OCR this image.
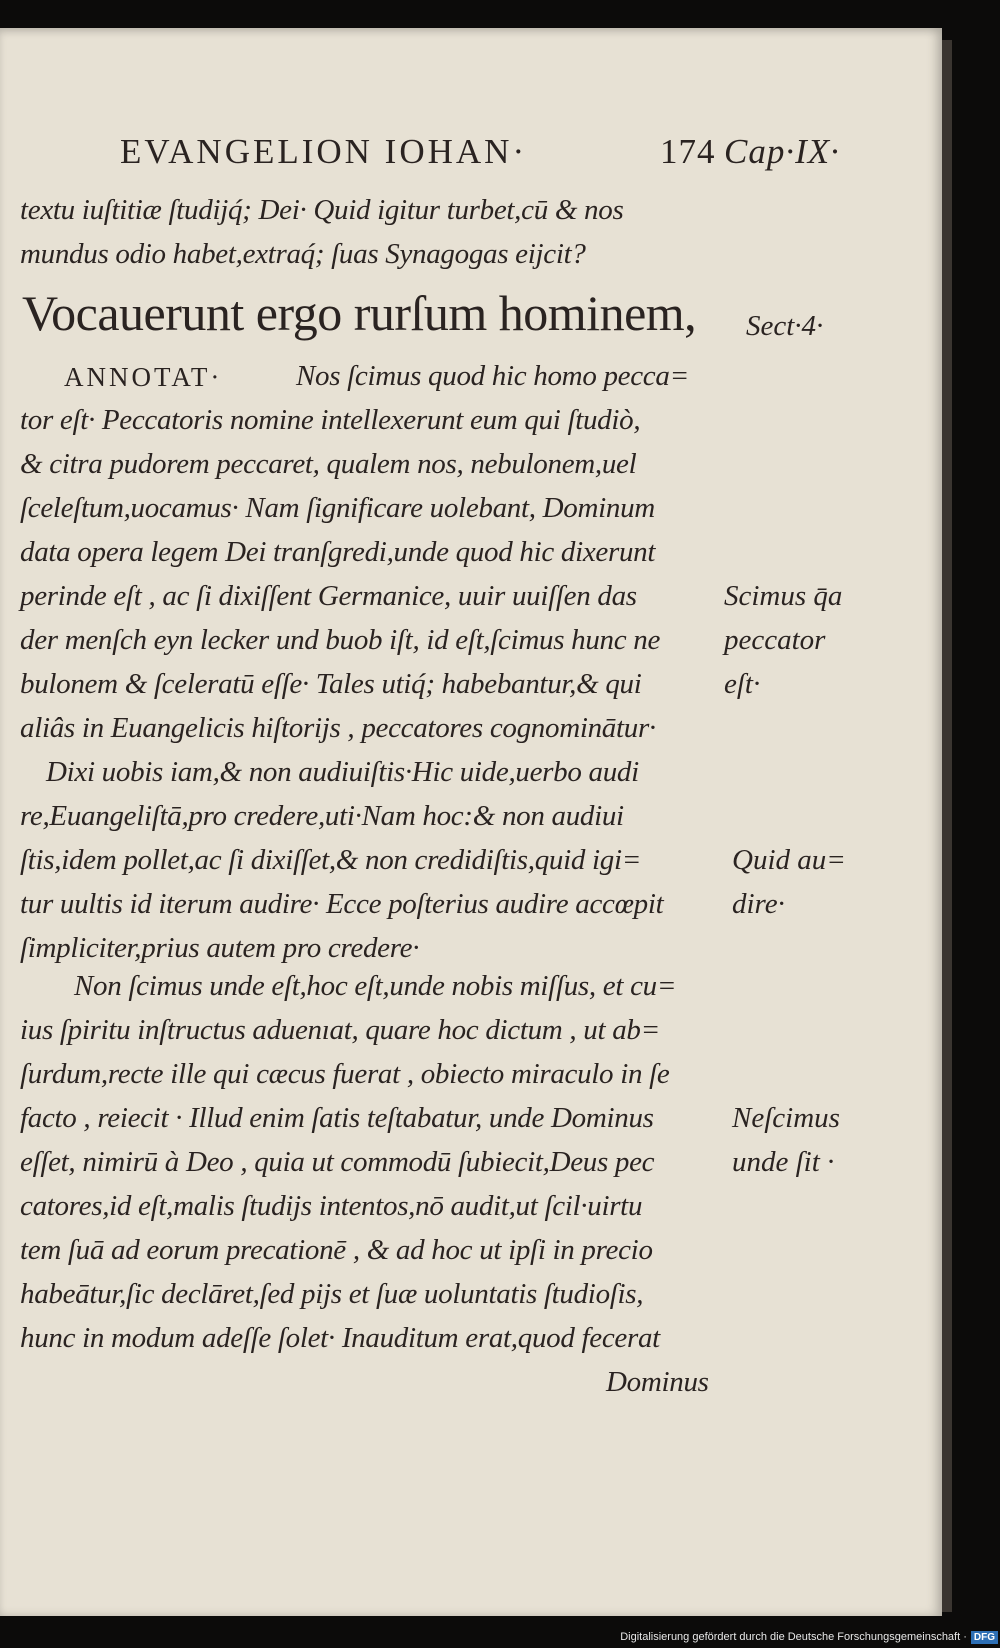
EVANGELION IOHAN·	174 Cap·IX·
textu iuſtitiæ ſtudijq́; Dei· Quid igitur turbet,cū & nos
mundus odio habet,extraq́; ſuas Synagogas eijcit?
Vocauerunt ergo rurſum hominem, Sect·4·
ANNOTAT·	Nos ſcimus quod hic homo pecca=
tor eſt· Peccatoris nomine intellexerunt eum qui ſtudiò,
& citra pudorem peccaret, qualem nos, nebulonem,uel
ſceleſtum,uocamus· Nam ſignificare uolebant, Dominum
data opera legem Dei tranſgredi,unde quod hic dixerunt
perinde eſt , ac ſi dixiſſent Germanice, uuir uuiſſen das
der menſch eyn lecker und buob iſt, id eſt,ſcimus hunc ne
bulonem & ſceleratū eſſe· Tales utiq́; habebantur,& qui
aliâs in Euangelicis hiſtorijs , peccatores cognominātur·
Dixi uobis iam,& non audiuiſtis·Hic uide,uerbo audi
re,Euangeliſtā,pro credere,uti·Nam hoc:& non audiui
ſtis,idem pollet,ac ſi dixiſſet,& non credidiſtis,quid igi=
tur uultis id iterum audire· Ecce poſterius audire accœpit
ſimpliciter,prius autem pro credere·
Non ſcimus unde eſt,hoc eſt,unde nobis miſſus, et cu=
ius ſpiritu inſtructus aduenıat, quare hoc dictum , ut ab=
ſurdum,recte ille qui cæcus fuerat , obiecto miraculo in ſe
facto , reiecit · Illud enim ſatis teſtabatur, unde Dominus
eſſet, nimirū à Deo , quia ut commodū ſubiecit,Deus pec
catores,id eſt,malis ſtudijs intentos,nō audit,ut ſcil·uirtu
tem ſuā ad eorum precationē , & ad hoc ut ipſi in precio
habeātur,ſic declāret,ſed pijs et ſuæ uoluntatis ſtudioſis,
hunc in modum adeſſe ſolet· Inauditum erat,quod fecerat
Dominus
Scimus q̄a
peccator
eſt·
Quid au=
dire·
Neſcimus
unde ſit ·
Digitalisierung gefördert durch die Deutsche Forschungsgemeinschaft · DFG
